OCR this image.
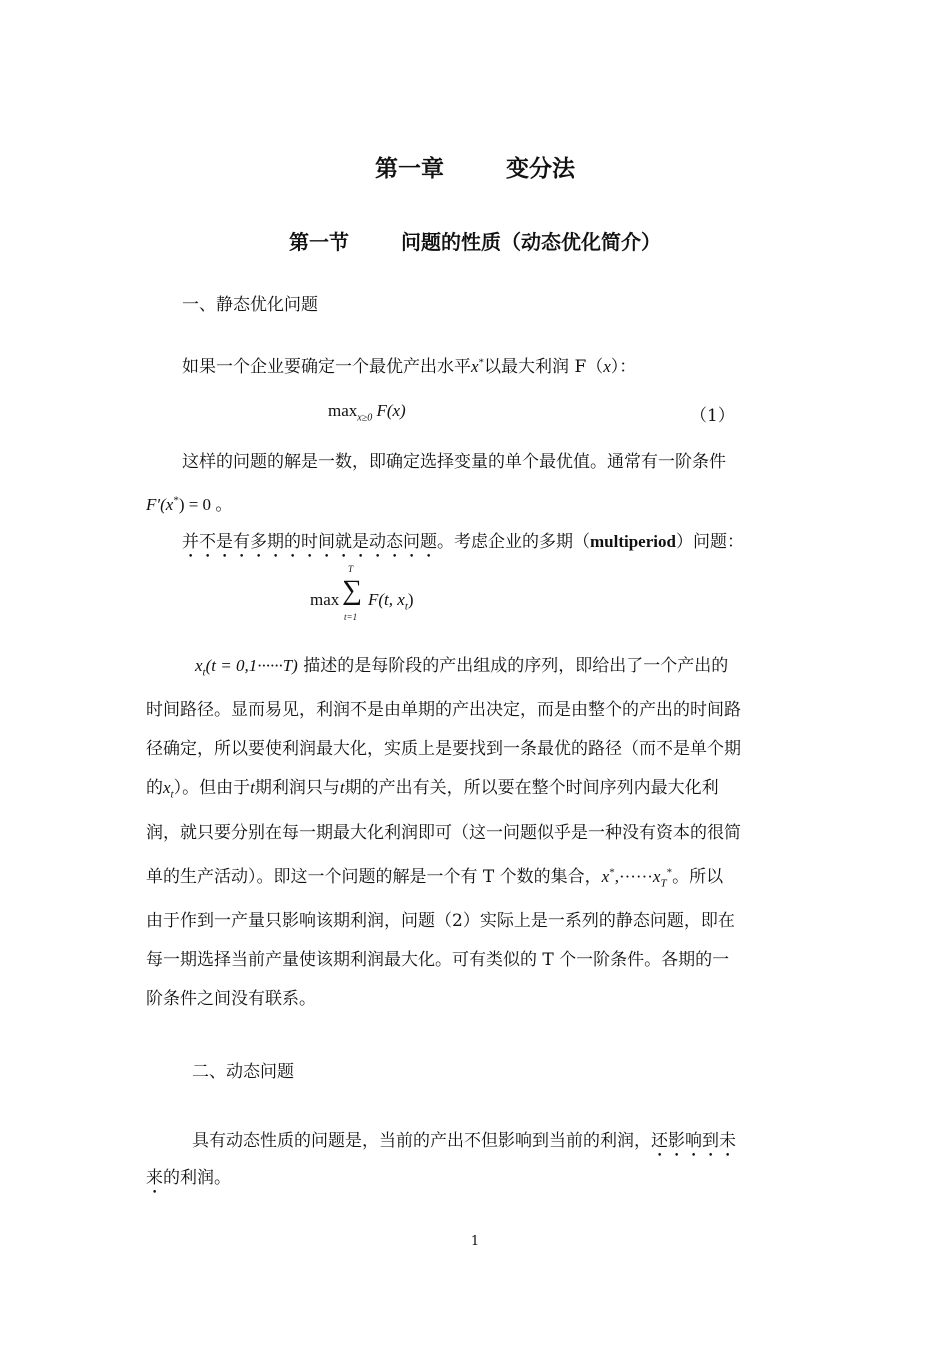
第一章	变分法
第一节	问题的性质（动态优化简介）
一、静态优化问题
如果一个企业要确定一个最优产出水平x*以最大利润 F（x）：
$\max_{x\ge 0} F(x)$	（1）
这样的问题的解是一数，即确定选择变量的单个最优值。通常有一阶条件
F′(x*) = 0 。
并不是有多期的时间就是动态问题。考虑企业的多期（multiperiod）问题：
max
T
∑
t=1
F(t, $x_t$)
$x_t(t = 0,1\cdot\cdot\cdot\cdot\cdot\cdot T)$ 描述的是每阶段的产出组成的序列，即给出了一个产出的
时间路径。显而易见，利润不是由单期的产出决定，而是由整个的产出的时间路
径确定，所以要使利润最大化，实质上是要找到一条最优的路径（而不是单个期
的$x_t$）。但由于t期利润只与t期的产出有关，所以要在整个时间序列内最大化利
润，就只要分别在每一期最大化利润即可（这一问题似乎是一种没有资本的很简
单的生产活动）。即这一个问题的解是一个有 T 个数的集合，$x^*,\cdot\cdot\cdot\cdot\cdot\cdot x_T^*$。所以
由于作到一产量只影响该期利润，问题（2）实际上是一系列的静态问题，即在
每一期选择当前产量使该期利润最大化。可有类似的 T 个一阶条件。各期的一
阶条件之间没有联系。
二、动态问题
具有动态性质的问题是，当前的产出不但影响到当前的利润，还影响到未
来的利润。
1
